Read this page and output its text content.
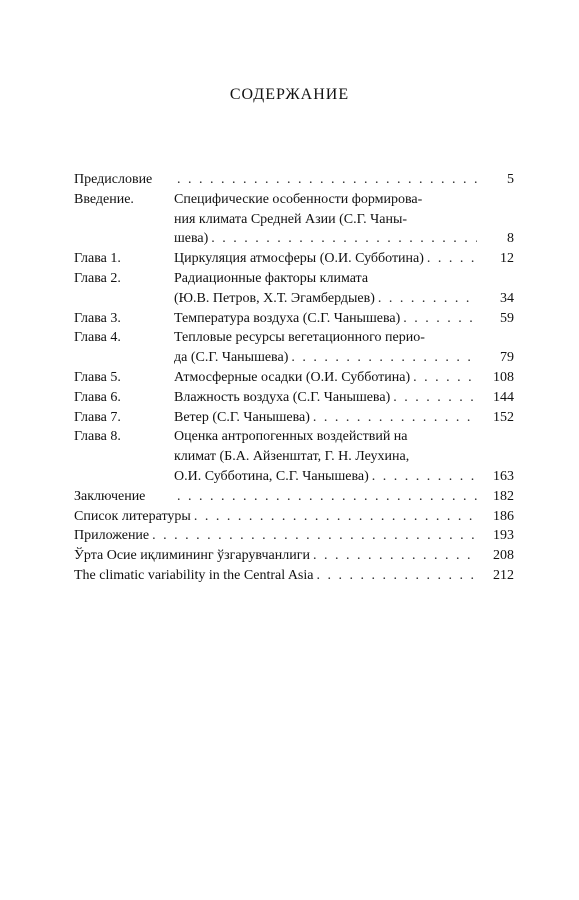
СОДЕРЖАНИЕ
Предисловие . . .	5
Введение.	Специфические особенности формирова-
ния климата Средней Азии (С.Г. Чаны-
шева) . . .	8
Глава 1.	Циркуляция атмосферы (О.И. Субботина) . . .	12
Глава 2.	Радиационные факторы климата
(Ю.В. Петров, Х.Т. Эгамбердыев) . . .	34
Глава 3.	Температура воздуха (С.Г. Чанышева) . . .	59
Глава 4.	Тепловые ресурсы вегетационного перио-
да (С.Г. Чанышева) . . .	79
Глава 5.	Атмосферные осадки (О.И. Субботина) . . .	108
Глава 6.	Влажность воздуха (С.Г. Чанышева) . . .	144
Глава 7.	Ветер (С.Г. Чанышева) . . .	152
Глава 8.	Оценка антропогенных воздействий на
климат (Б.А. Айзенштат, Г. Н. Леухина,
О.И. Субботина, С.Г. Чанышева) . . .	163
Заключение . . .	182
Список литературы . . .	186
Приложение . . .	193
Ўрта Осие иқлимининг ўзгарувчанлиги . . .	208
The climatic variability in the Central Asia . . .	212
